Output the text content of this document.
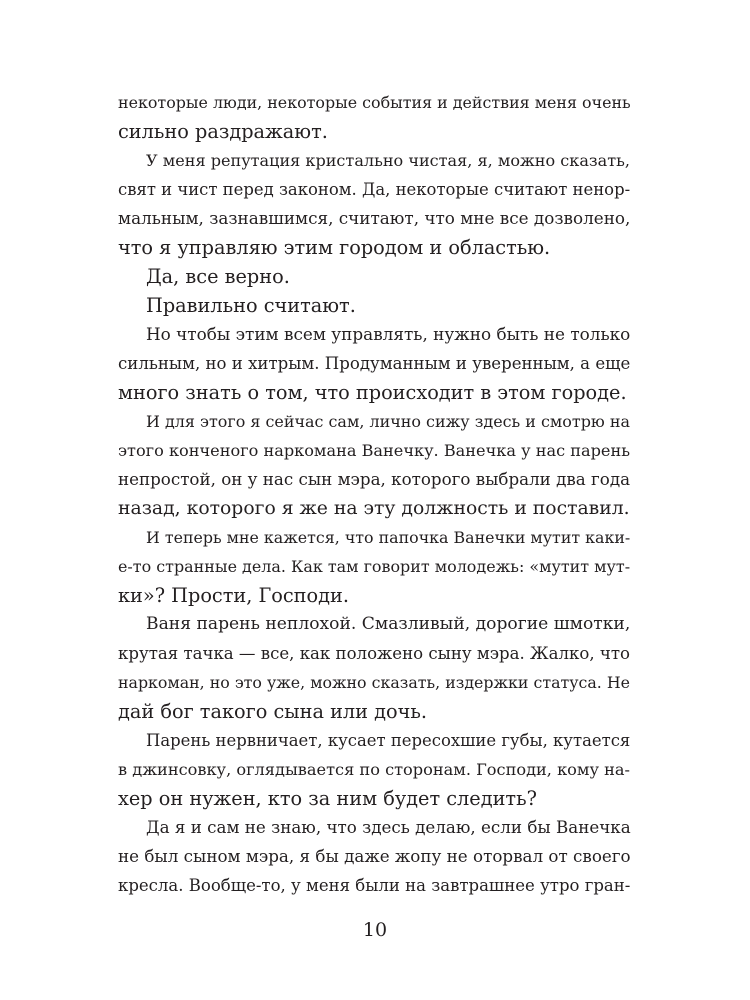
некоторые люди, некоторые события и действия меня очень
сильно раздражают.
У меня репутация кристально чистая, я, можно сказать,
свят и чист перед законом. Да, некоторые считают ненор-
мальным, зазнавшимся, считают, что мне все дозволено,
что я управляю этим городом и областью.
Да, все верно.
Правильно считают.
Но чтобы этим всем управлять, нужно быть не только
сильным, но и хитрым. Продуманным и уверенным, а еще
много знать о том, что происходит в этом городе.
И для этого я сейчас сам, лично сижу здесь и смотрю на
этого конченого наркомана Ванечку. Ванечка у нас парень
непростой, он у нас сын мэра, которого выбрали два года
назад, которого я же на эту должность и поставил.
И теперь мне кажется, что папочка Ванечки мутит каки-
е-то странные дела. Как там говорит молодежь: «мутит мут-
ки»? Прости, Господи.
Ваня парень неплохой. Смазливый, дорогие шмотки,
крутая тачка — все, как положено сыну мэра. Жалко, что
наркоман, но это уже, можно сказать, издержки статуса. Не
дай бог такого сына или дочь.
Парень нервничает, кусает пересохшие губы, кутается
в джинсовку, оглядывается по сторонам. Господи, кому на-
хер он нужен, кто за ним будет следить?
Да я и сам не знаю, что здесь делаю, если бы Ванечка
не был сыном мэра, я бы даже жопу не оторвал от своего
кресла. Вообще-то, у меня были на завтрашнее утро гран-
10
